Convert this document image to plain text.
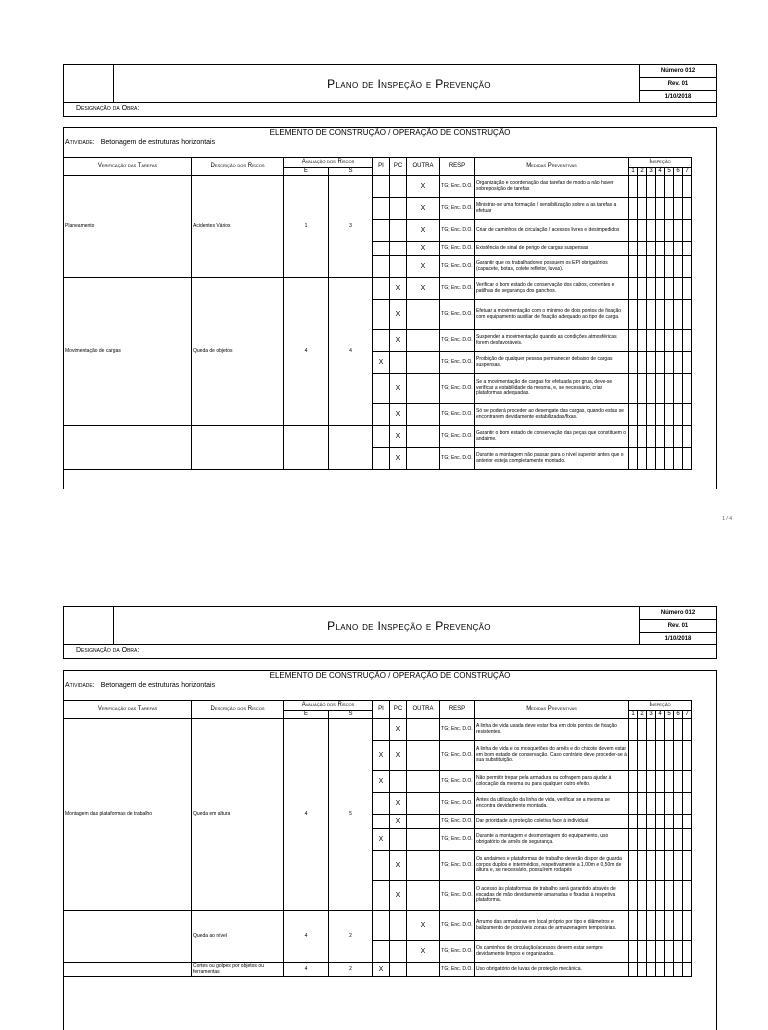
Plano de Inspeção e Prevenção
Número 012
Rev. 01
1/10/2018
Designação da Obra:
ELEMENTO DE CONSTRUÇÃO / OPERAÇÃO DE CONSTRUÇÃO
Atividade: Betonagem de estruturas horizontais
Verificação das Tarefas	Descrição dos Riscos	Avaliação dos Riscos		PI	PC	OUTRA	RESP	Medidas Preventivas	Inspeção						
		E	S						1	2	3	4	5	6	7
Planeamento	Acidentes Vários	1	3			X	TG; Enc. D.O.	Organização e coordenação das tarefas de modo a não haver sobreposição de tarefas							
						X	TG; Enc. D.O.	Ministrar-se uma formação / sensibilização sobre a as tarefas a efetuar							
						X	TG; Enc. D.O.	Criar de caminhos de circulação / acessos livres e desimpedidos							
						X	TG; Enc. D.O.	Existência de sinal de perigo de cargas suspensas							
						X	TG; Enc. D.O.	Garantir que os trabalhadores possuem os EPI obrigatórios (capacete, botas, colete refletor, luvas).							
Movimentação de cargas	Queda de objetos	4	4		X	X	TG; Enc. D.O.	Verificar o bom estado de conservação dos cabos, correntes e patilhas de segurança dos ganchos.							
					X		TG; Enc. D.O.	Efetuar a movimentação com o mínimo de dois pontos de fixação com equipamento auxiliar de fixação adequado ao tipo de carga.							
					X		TG; Enc. D.O.	Suspender a movimentação quando as condições atmosféricas forem desfavoráveis.							
				X			TG; Enc. D.O.	Proibição de qualquer pessoa permanecer debaixo de cargas suspensas.							
					X		TG; Enc. D.O.	Se a movimentação de cargas for efetuada por grua, deve-se verificar a estabilidade da mesma, e, se necessário, criar plataformas adequadas.							
					X		TG; Enc. D.O.	Só se poderá proceder ao desengate das cargas, quando estas se encontrarem devidamente estabilizadas/fixas.							
					X		TG; Enc. D.O.	Garantir o bom estado de conservação das peças que constituem o andaime.							
					X		TG; Enc. D.O.	Durante a montagem não passar para o nível superior antes que o anterior esteja completamente montado.							
1 / 4
Plano de Inspeção e Prevenção
Número 012
Rev. 01
1/10/2018
Designação da Obra:
ELEMENTO DE CONSTRUÇÃO / OPERAÇÃO DE CONSTRUÇÃO
Atividade: Betonagem de estruturas horizontais
Verificação das Tarefas	Descrição dos Riscos	Avaliação dos Riscos		PI	PC	OUTRA	RESP	Medidas Preventivas	Inspeção						
		E	S						1	2	3	4	5	6	7
Montagem das plataformas de trabalho	Queda em altura	4	5		X		TG; Enc. D.O.	A linha de vida usada deve estar fixa em dois pontos de fixação resistentes.							
				X	X		TG; Enc. D.O.	A linha de vida e os mosquetões do arnês e do chicote devem estar em bom estado de conservação. Caso contrário deve proceder-se à sua substituição.							
				X			TG; Enc. D.O.	Não permitir trepar pela armadura ou cofragem para ajudar à colocação da mesma ou para qualquer outro efeito.							
					X		TG; Enc. D.O.	Antes da utilização da linha de vida, verificar se a mesma se encontra devidamente montada.							
					X		TG; Enc. D.O.	Dar prioridade à proteção coletiva face à individual							
				X			TG; Enc. D.O.	Durante a montagem e desmontagem do equipamento, uso obrigatório de arnês de segurança.							
					X		TG; Enc. D.O.	Os andaimes e plataformas de trabalho deverão dispor de guarda corpos duplos e intermédios, respetivamente a 1,00m e 0,50m de altura e, se necessário, possuírem rodapés							
					X		TG; Enc. D.O.	O acesso às plataformas de trabalho será garantido através de escadas de mão devidamente amarradas e fixadas à respetiva plataforma.							
	Queda ao nível	4	2			X	TG; Enc. D.O.	Arrumo das armaduras em local próprio por tipo e diâmetros e balizamento de possíveis zonas de armazenagem temporárias.							
						X	TG; Enc. D.O.	Os caminhos de circulação/acessos devem estar sempre devidamente limpos e organizados.							
	Cortes ou golpes por objetos ou ferramentas	4	2	X			TG; Enc. D.O.	Uso obrigatório de luvas de proteção mecânica.							
